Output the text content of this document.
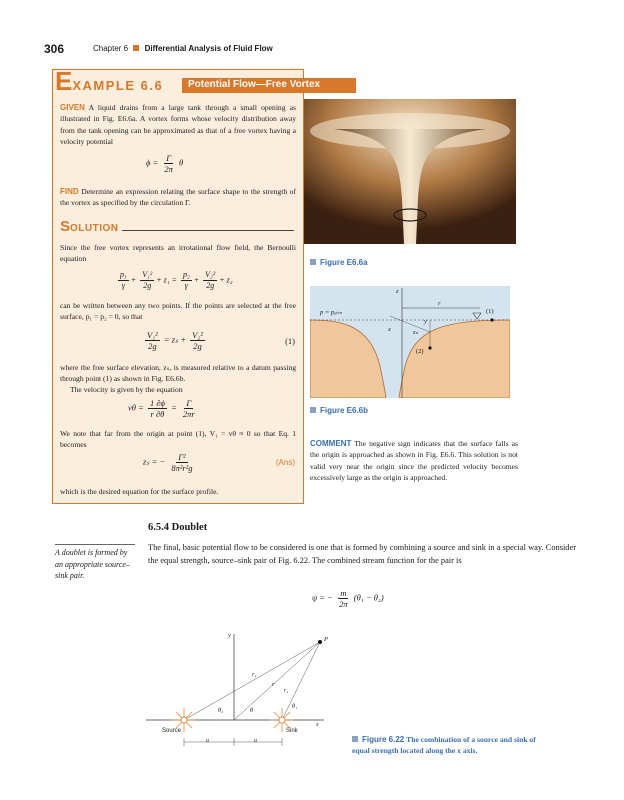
306	Chapter 6 Differential Analysis of Fluid Flow
EXAMPLE 6.6	Potential Flow—Free Vortex
GIVEN A liquid drains from a large tank through a small opening as illustrated in Fig. E6.6a. A vortex forms whose velocity distribution away from the tank opening can be approximated as that of a free vortex having a velocity potential
$\phi = \frac{\Gamma}{2\pi}$ θ
FIND Determine an expression relating the surface shape to the strength of the vortex as specified by the circulation Γ.
SOLUTION
Since the free vortex represents an irrotational flow field, the Bernoulli equation
$\frac{\text{p₁}}{\gamma} + \frac{\text{V₁²}}{2g} + z_1 = \frac{\text{p₂}}{\gamma} + \frac{\text{V₂²}}{2g} + z_2$
can be written between any two points. If the points are selected at the free surface, p₁ = p₂ = 0, so that
$\frac{\text{V₁²}}{2g} = z_s + \frac{\text{V₂²}}{2g}$	(1)
where the free surface elevation, zₛ, is measured relative to a datum passing through point (1) as shown in Fig. E6.6b.
The velocity is given by the equation
$v\theta = \frac{1 \partial\phi}{r \partial\theta} = \frac{\Gamma}{2\pi r}$
We note that far from the origin at point (1), V₁ = vθ ≈ 0 so that Eq. 1 becomes
zₛ = − $\frac{\text{Γ²}}{\text{8π²r²g}}$	(Ans)
which is the desired equation for the surface profile.
Figure E6.6a
p = pₐₜₘ
z
r
zₛ
y
x
(1)
(2)
Figure E6.6b
COMMENT The negative sign indicates that the surface falls as the origin is approached as shown in Fig. E6.6. This solution is not valid very near the origin since the predicted velocity becomes excessively large as the origin is approached.
6.5.4 Doublet
A doublet is formed by an appropriate source–sink pair.
The final, basic potential flow to be considered is one that is formed by combining a source and sink in a special way. Consider the equal strength, source–sink pair of Fig. 6.22. The combined stream function for the pair is
ψ = − $\frac{m}{2\pi} (\theta_1 - \theta_2)$
y
P
r₂
r
r₁
θ₂	θ
θ₁
x
Source	Sink
a	a	Figure 6.22 The combination of a source and sink of equal strength located along the x axis.
